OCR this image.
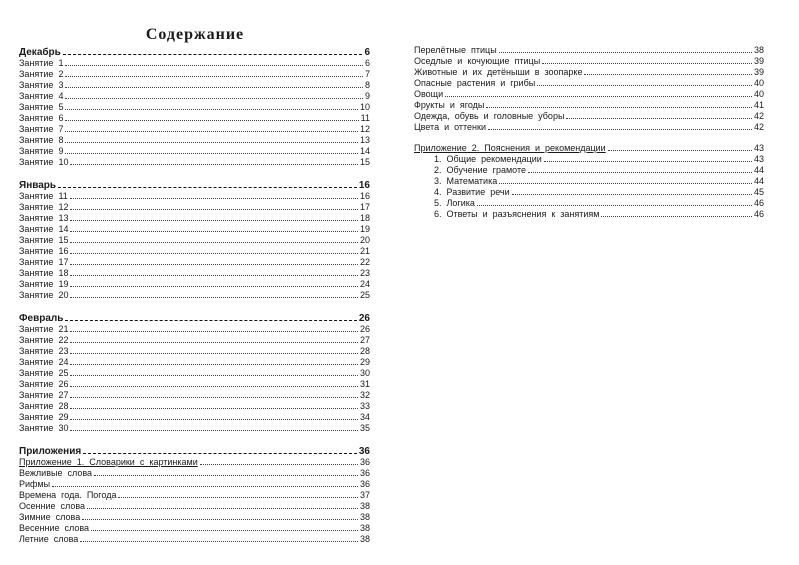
Содержание
Декабрь	6
Занятие  1	6
Занятие  2	7
Занятие  3	8
Занятие  4	9
Занятие  5	10
Занятие  6	11
Занятие  7	12
Занятие  8	13
Занятие  9	14
Занятие  10	15
Январь	16
Занятие  11	16
Занятие  12	17
Занятие  13	18
Занятие  14	19
Занятие  15	20
Занятие  16	21
Занятие  17	22
Занятие  18	23
Занятие  19	24
Занятие  20	25
Февраль	26
Занятие  21	26
Занятие  22	27
Занятие  23	28
Занятие  24	29
Занятие  25	30
Занятие  26	31
Занятие  27	32
Занятие  28	33
Занятие  29	34
Занятие  30	35
Приложения	36
Приложение  1.  Словарики  с  картинками	36
Вежливые  слова	36
Рифмы	36
Времена  года.  Погода	37
Осенние  слова	38
Зимние  слова	38
Весенние  слова	38
Летние  слова	38
Перелётные  птицы	38
Оседлые  и  кочующие  птицы	39
Животные  и  их  детёныши  в  зоопарке	39
Опасные  растения  и  грибы	40
Овощи	40
Фрукты  и  ягоды	41
Одежда,  обувь  и  головные  уборы	42
Цвета  и  оттенки	42
Приложение  2.  Пояснения  и  рекомендации	43
1.  Общие  рекомендации	43
2.  Обучение  грамоте	44
3.  Математика	44
4.  Развитие  речи	45
5.  Логика	46
6.  Ответы  и  разъяснения  к  занятиям	46
